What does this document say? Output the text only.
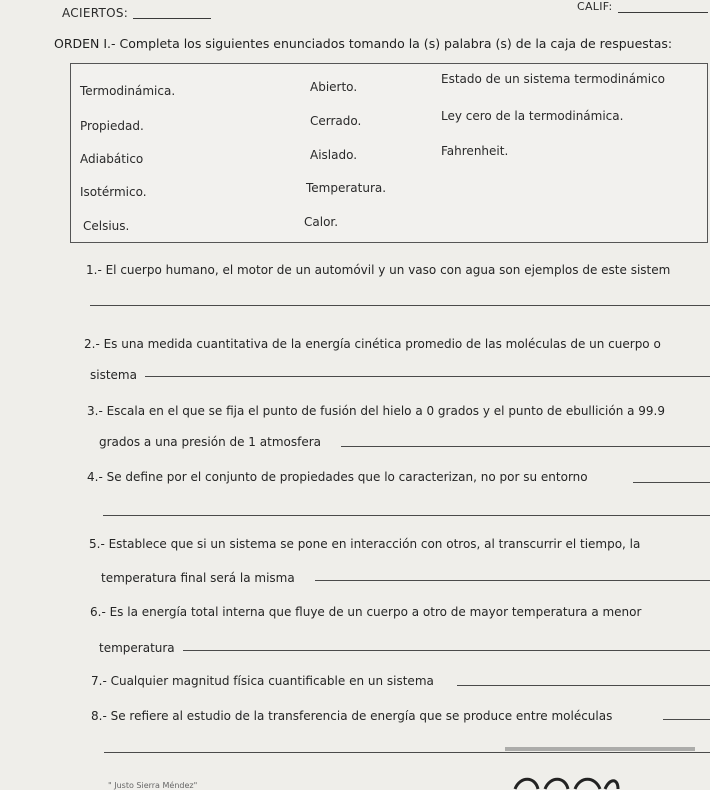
ACIERTOS:	CALIF:
ORDEN I.- Completa los siguientes enunciados tomando la (s) palabra (s) de la caja de respuestas:
Termodinámica.
Propiedad.
Adiabático
Isotérmico.
Celsius.
Abierto.
Cerrado.
Aislado.
Temperatura.
Calor.
Estado de un sistema termodinámico
Ley cero de la termodinámica.
Fahrenheit.
1.- El cuerpo humano, el motor de un automóvil y un vaso con agua son ejemplos de este sistem
2.- Es una medida cuantitativa de la energía cinética promedio de las moléculas de un cuerpo o
sistema
3.- Escala en el que se fija el punto de fusión del hielo a 0 grados y el punto de ebullición a 99.9
grados a una presión de 1 atmosfera
4.- Se define por el conjunto de propiedades que lo caracterizan, no por su entorno
5.- Establece que si un sistema se pone en interacción con otros, al transcurrir el tiempo, la
temperatura final será la misma
6.- Es la energía total interna que fluye de un cuerpo a otro de mayor temperatura a menor
temperatura
7.- Cualquier magnitud física cuantificable en un sistema
8.- Se refiere al estudio de la transferencia de energía que se produce entre moléculas
" Justo Sierra Méndez"
